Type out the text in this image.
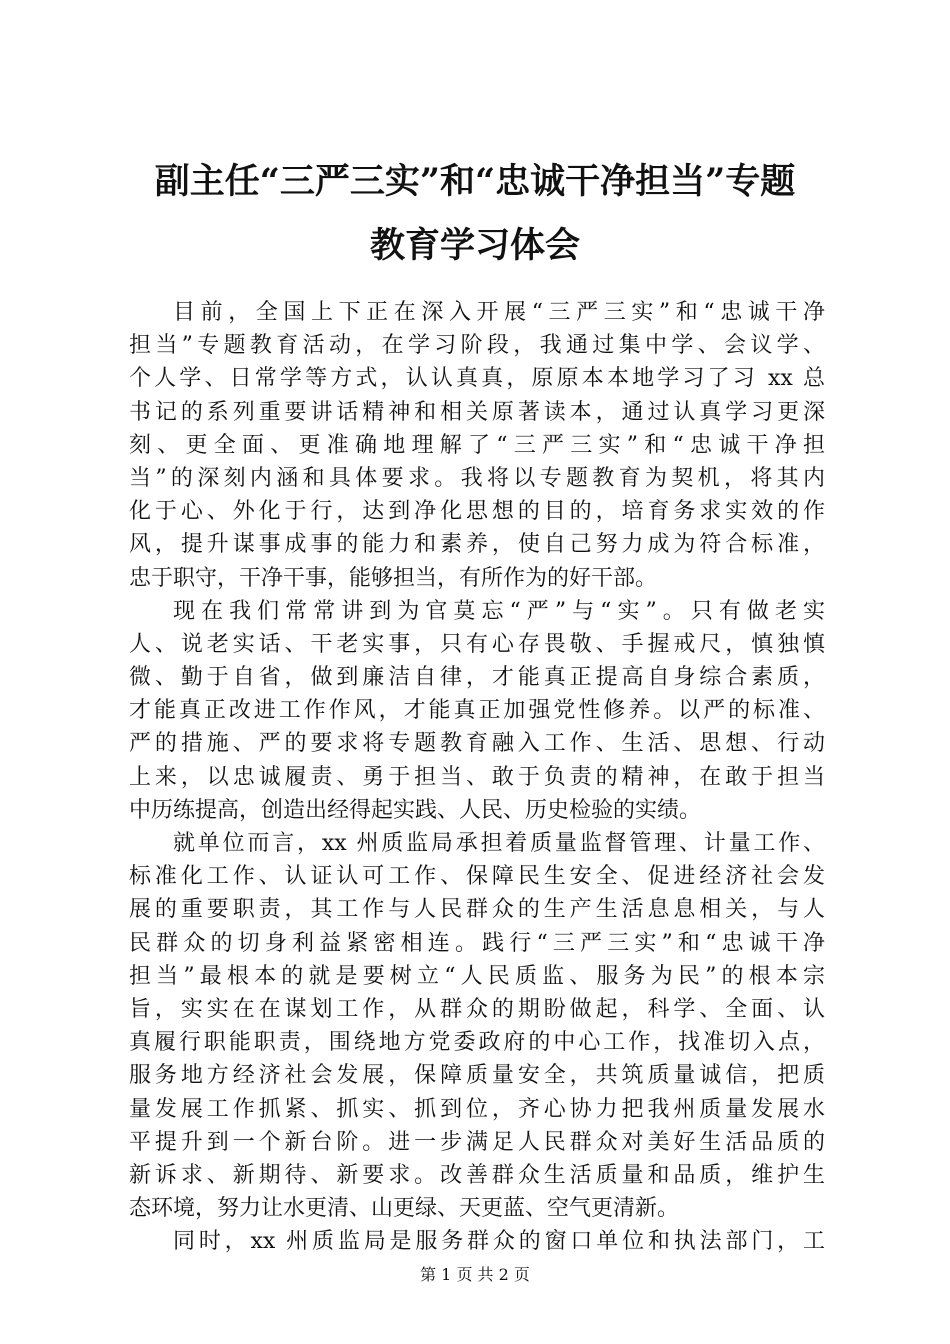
副主任“三严三实”和“忠诚干净担当”专题
教育学习体会
目前，全国上下正在深入开展“三严三实”和“忠诚干净
担当”专题教育活动，在学习阶段，我通过集中学、会议学、
个人学、日常学等方式，认认真真，原原本本地学习了习 xx 总
书记的系列重要讲话精神和相关原著读本，通过认真学习更深
刻、更全面、更准确地理解了“三严三实”和“忠诚干净担
当”的深刻内涵和具体要求。我将以专题教育为契机，将其内
化于心、外化于行，达到净化思想的目的，培育务求实效的作
风，提升谋事成事的能力和素养，使自己努力成为符合标准，
忠于职守，干净干事，能够担当，有所作为的好干部。
现在我们常常讲到为官莫忘“严”与“实”。只有做老实
人、说老实话、干老实事，只有心存畏敬、手握戒尺，慎独慎
微、勤于自省，做到廉洁自律，才能真正提高自身综合素质，
才能真正改进工作作风，才能真正加强党性修养。以严的标准、
严的措施、严的要求将专题教育融入工作、生活、思想、行动
上来，以忠诚履责、勇于担当、敢于负责的精神，在敢于担当
中历练提高，创造出经得起实践、人民、历史检验的实绩。
就单位而言，xx 州质监局承担着质量监督管理、计量工作、
标准化工作、认证认可工作、保障民生安全、促进经济社会发
展的重要职责，其工作与人民群众的生产生活息息相关，与人
民群众的切身利益紧密相连。践行“三严三实”和“忠诚干净
担当”最根本的就是要树立“人民质监、服务为民”的根本宗
旨，实实在在谋划工作，从群众的期盼做起，科学、全面、认
真履行职能职责，围绕地方党委政府的中心工作，找准切入点，
服务地方经济社会发展，保障质量安全，共筑质量诚信，把质
量发展工作抓紧、抓实、抓到位，齐心协力把我州质量发展水
平提升到一个新台阶。进一步满足人民群众对美好生活品质的
新诉求、新期待、新要求。改善群众生活质量和品质，维护生
态环境，努力让水更清、山更绿、天更蓝、空气更清新。
同时，xx 州质监局是服务群众的窗口单位和执法部门，工
第 1 页 共 2 页
